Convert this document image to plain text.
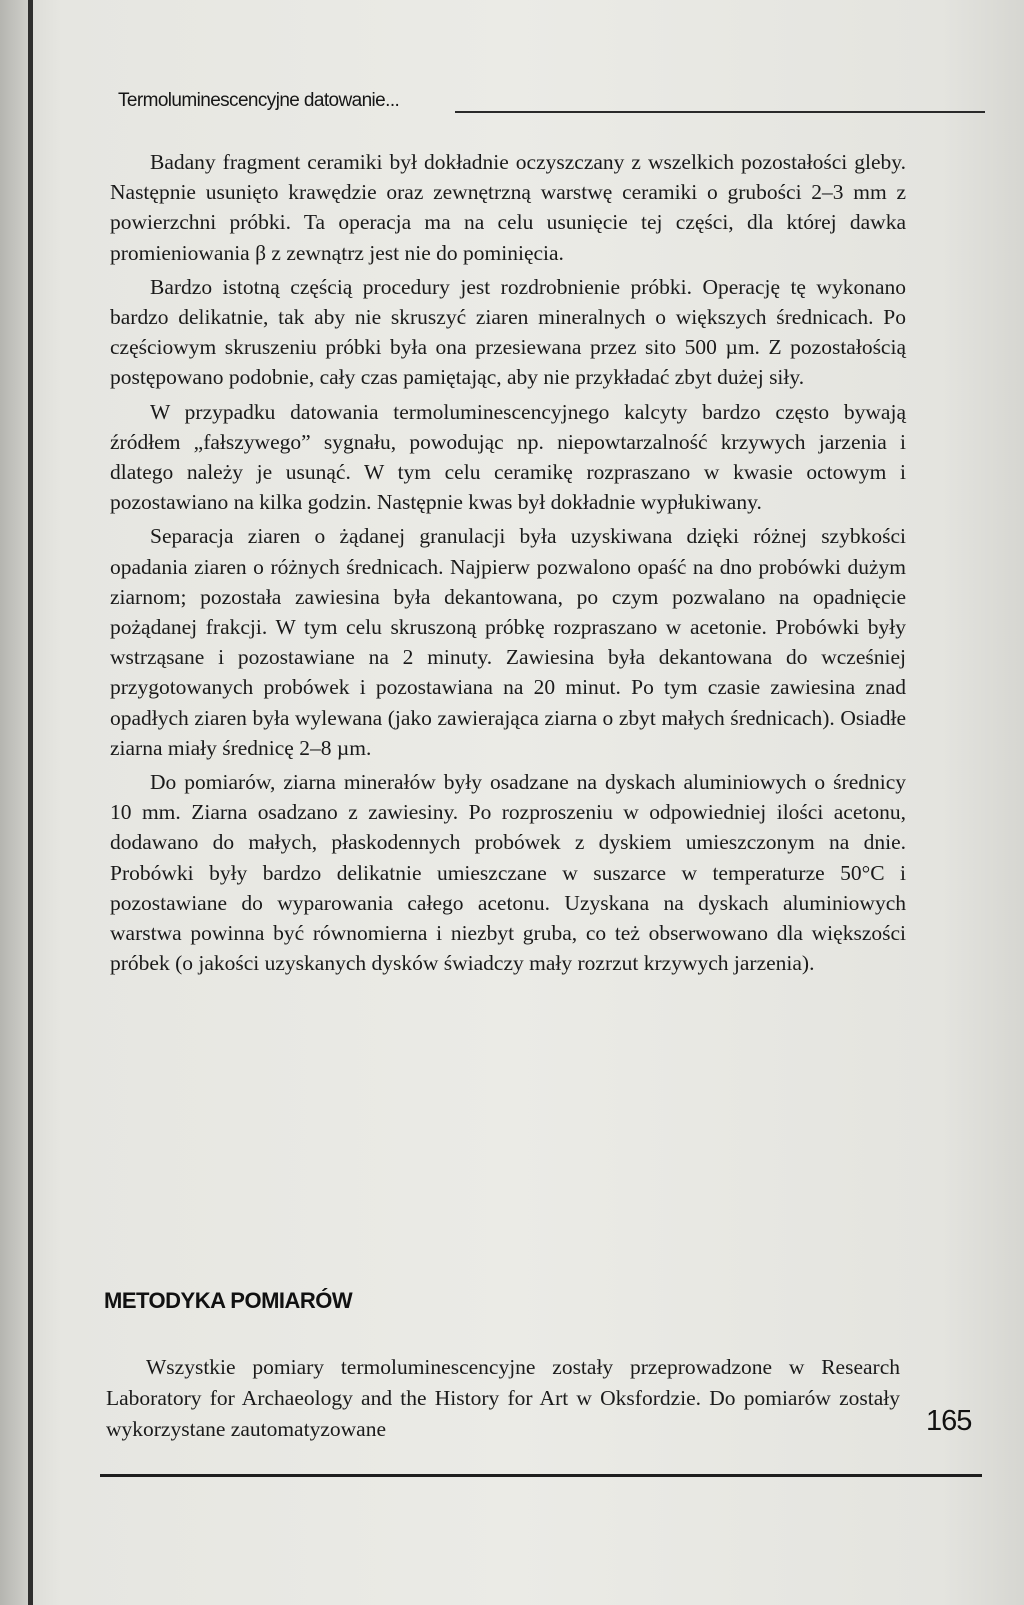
Termoluminescencyjne datowanie...

Badany fragment ceramiki był dokładnie oczyszczany z wszelkich pozostałości gleby. Następnie usunięto krawędzie oraz zewnętrzną warstwę ceramiki o grubości 2–3 mm z powierzchni próbki. Ta operacja ma na celu usunięcie tej części, dla której dawka promieniowania β z zewnątrz jest nie do pominięcia.

Bardzo istotną częścią procedury jest rozdrobnienie próbki. Operację tę wykonano bardzo delikatnie, tak aby nie skruszyć ziaren mineralnych o większych średnicach. Po częściowym skruszeniu próbki była ona przesiewana przez sito 500 µm. Z pozostałością postępowano podobnie, cały czas pamiętając, aby nie przykładać zbyt dużej siły.

W przypadku datowania termoluminescencyjnego kalcyty bardzo często bywają źródłem „fałszywego” sygnału, powodując np. niepowtarzalność krzywych jarzenia i dlatego należy je usunąć. W tym celu ceramikę rozpraszano w kwasie octowym i pozostawiano na kilka godzin. Następnie kwas był dokładnie wypłukiwany.

Separacja ziaren o żądanej granulacji była uzyskiwana dzięki różnej szybkości opadania ziaren o różnych średnicach. Najpierw pozwalono opaść na dno probówki dużym ziarnom; pozostała zawiesina była dekantowana, po czym pozwalano na opadnięcie pożądanej frakcji. W tym celu skruszoną próbkę rozpraszano w acetonie. Probówki były wstrząsane i pozostawiane na 2 minuty. Zawiesina była dekantowana do wcześniej przygotowanych probówek i pozostawiana na 20 minut. Po tym czasie zawiesina znad opadłych ziaren była wylewana (jako zawierająca ziarna o zbyt małych średnicach). Osiadłe ziarna miały średnicę 2–8 µm.

Do pomiarów, ziarna minerałów były osadzane na dyskach aluminiowych o średnicy 10 mm. Ziarna osadzano z zawiesiny. Po rozproszeniu w odpowiedniej ilości acetonu, dodawano do małych, płaskodennych probówek z dyskiem umieszczonym na dnie. Probówki były bardzo delikatnie umieszczane w suszarce w temperaturze 50°C i pozostawiane do wyparowania całego acetonu. Uzyskana na dyskach aluminiowych warstwa powinna być równomierna i niezbyt gruba, co też obserwowano dla większości próbek (o jakości uzyskanych dysków świadczy mały rozrzut krzywych jarzenia).

METODYKA POMIARÓW

Wszystkie pomiary termoluminescencyjne zostały przeprowadzone w Research Laboratory for Archaeology and the History for Art w Oksfordzie. Do pomiarów zostały wykorzystane zautomatyzowane	165
